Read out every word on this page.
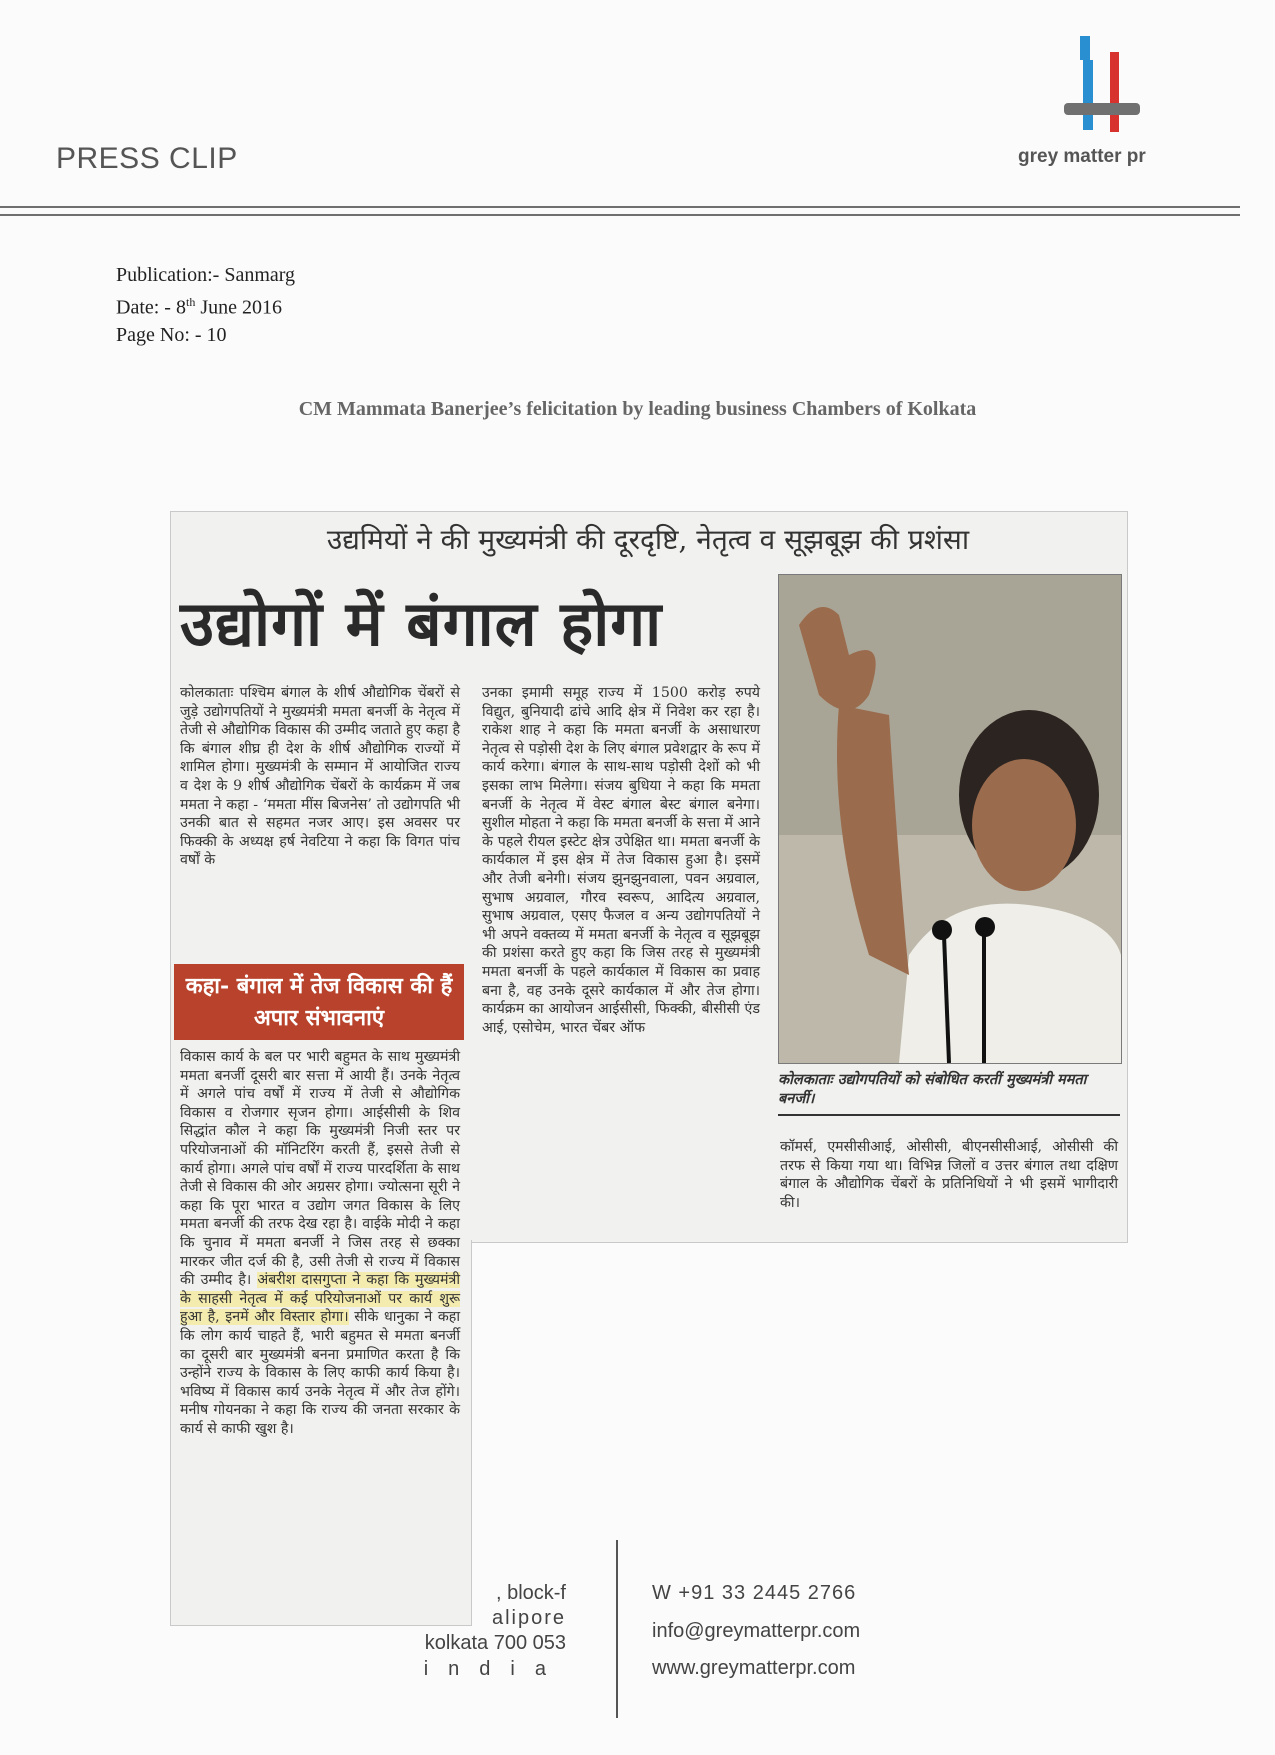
PRESS CLIP	grey matter pr
Publication:- Sanmarg
Date: - 8th June 2016
Page No: - 10
CM Mammata Banerjee’s felicitation by leading business Chambers of Kolkata
उद्यमियों ने की मुख्यमंत्री की दूरदृष्टि, नेतृत्व व सूझबूझ की प्रशंसा
उद्योगों में बंगाल होगा
कोलकाताः पश्चिम बंगाल के शीर्ष औद्योगिक चेंबरों से जुड़े उद्योगपतियों ने मुख्यमंत्री ममता बनर्जी के नेतृत्व में तेजी से औद्योगिक विकास की उम्मीद जताते हुए कहा है कि बंगाल शीघ्र ही देश के शीर्ष औद्योगिक राज्यों में शामिल होगा। मुख्यमंत्री के सम्मान में आयोजित राज्य व देश के 9 शीर्ष औद्योगिक चेंबरों के कार्यक्रम में जब ममता ने कहा - ‘ममता मींस बिजनेस’ तो उद्योगपति भी उनकी बात से सहमत नजर आए। इस अवसर पर फिक्की के अध्यक्ष हर्ष नेवटिया ने कहा कि विगत पांच वर्षों के
कहा- बंगाल में तेज विकास की हैं अपार संभावनाएं
विकास कार्य के बल पर भारी बहुमत के साथ मुख्यमंत्री ममता बनर्जी दूसरी बार सत्ता में आयी हैं। उनके नेतृत्व में अगले पांच वर्षों में राज्य में तेजी से औद्योगिक विकास व रोजगार सृजन होगा। आईसीसी के शिव सिद्धांत कौल ने कहा कि मुख्यमंत्री निजी स्तर पर परियोजनाओं की मॉनिटरिंग करती हैं, इससे तेजी से कार्य होगा। अगले पांच वर्षों में राज्य पारदर्शिता के साथ तेजी से विकास की ओर अग्रसर होगा। ज्योत्सना सूरी ने कहा कि पूरा भारत व उद्योग जगत विकास के लिए ममता बनर्जी की तरफ देख रहा है। वाईके मोदी ने कहा कि चुनाव में ममता बनर्जी ने जिस तरह से छक्का मारकर जीत दर्ज की है, उसी तेजी से राज्य में विकास की उम्मीद है। अंबरीश दासगुप्ता ने कहा कि मुख्यमंत्री के साहसी नेतृत्व में कई परियोजनाओं पर कार्य शुरू हुआ है, इनमें और विस्तार होगा। सीके धानुका ने कहा कि लोग कार्य चाहते हैं, भारी बहुमत से ममता बनर्जी का दूसरी बार मुख्यमंत्री बनना प्रमाणित करता है कि उन्होंने राज्य के विकास के लिए काफी कार्य किया है। भविष्य में विकास कार्य उनके नेतृत्व में और तेज होंगे। मनीष गोयनका ने कहा कि राज्य की जनता सरकार के कार्य से काफी खुश है।
उनका इमामी समूह राज्य में 1500 करोड़ रुपये विद्युत, बुनियादी ढांचे आदि क्षेत्र में निवेश कर रहा है। राकेश शाह ने कहा कि ममता बनर्जी के असाधारण नेतृत्व से पड़ोसी देश के लिए बंगाल प्रवेशद्वार के रूप में कार्य करेगा। बंगाल के साथ-साथ पड़ोसी देशों को भी इसका लाभ मिलेगा। संजय बुधिया ने कहा कि ममता बनर्जी के नेतृत्व में वेस्ट बंगाल बेस्ट बंगाल बनेगा। सुशील मोहता ने कहा कि ममता बनर्जी के सत्ता में आने के पहले रीयल इस्टेट क्षेत्र उपेक्षित था। ममता बनर्जी के कार्यकाल में इस क्षेत्र में तेज विकास हुआ है। इसमें और तेजी बनेगी। संजय झुनझुनवाला, पवन अग्रवाल, सुभाष अग्रवाल, गौरव स्वरूप, आदित्य अग्रवाल, सुभाष अग्रवाल, एसए फैजल व अन्य उद्योगपतियों ने भी अपने वक्तव्य में ममता बनर्जी के नेतृत्व व सूझबूझ की प्रशंसा करते हुए कहा कि जिस तरह से मुख्यमंत्री ममता बनर्जी के पहले कार्यकाल में विकास का प्रवाह बना है, वह उनके दूसरे कार्यकाल में और तेज होगा। कार्यक्रम का आयोजन आईसीसी, फिक्की, बीसीसी एंड आई, एसोचेम, भारत चेंबर ऑफ
कोलकाताः उद्योगपतियों को संबोधित करतीं मुख्यमंत्री ममता बनर्जी।
कॉमर्स, एमसीसीआई, ओसीसी, बीएनसीसीआई, ओसीसी की तरफ से किया गया था। विभिन्न जिलों व उत्तर बंगाल तथा दक्षिण बंगाल के औद्योगिक चेंबरों के प्रतिनिधियों ने भी इसमें भागीदारी की।
, block-f
alipore
kolkata 700 053
india
W +91 33 2445 2766
info@greymatterpr.com
www.greymatterpr.com
